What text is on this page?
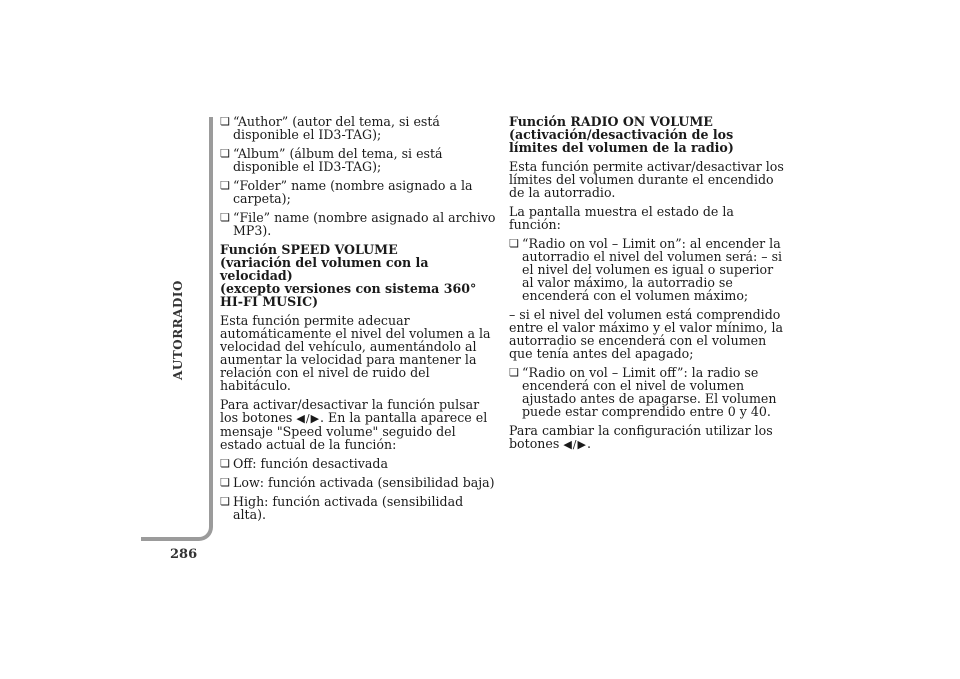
AUTORRADIO
286
❏ “Author” (autor del tema, si está disponible el ID3-TAG);
❏ “Album” (álbum del tema, si está disponible el ID3-TAG);
❏ “Folder” name (nombre asignado a la carpeta);
❏ “File” name (nombre asignado al archivo MP3).
Función SPEED VOLUME
(variación del volumen con la velocidad)
(excepto versiones con sistema 360° HI-FI MUSIC)

Esta función permite adecuar automáticamente el nivel del volumen a la velocidad del vehículo, aumentándolo al aumentar la velocidad para mantener la relación con el nivel de ruido del habitáculo.

Para activar/desactivar la función pulsar los botones ◀/▶. En la pantalla aparece el mensaje "Speed volume" seguido del estado actual de la función:

❏ Off: función desactivada
❏ Low: función activada (sensibilidad baja)
❏ High: función activada (sensibilidad alta).
Función RADIO ON VOLUME
(activación/desactivación de los límites del volumen de la radio)

Esta función permite activar/desactivar los límites del volumen durante el encendido de la autorradio.

La pantalla muestra el estado de la función:

❏ “Radio on vol – Limit on”: al encender la autorradio el nivel del volumen será: – si el nivel del volumen es igual o superior al valor máximo, la autorradio se encenderá con el volumen máximo;

– si el nivel del volumen está comprendido entre el valor máximo y el valor mínimo, la autorradio se encenderá con el volumen que tenía antes del apagado;

❏ “Radio on vol – Limit off”: la radio se encenderá con el nivel de volumen ajustado antes de apagarse. El volumen puede estar comprendido entre 0 y 40.

Para cambiar la configuración utilizar los botones ◀/▶.
